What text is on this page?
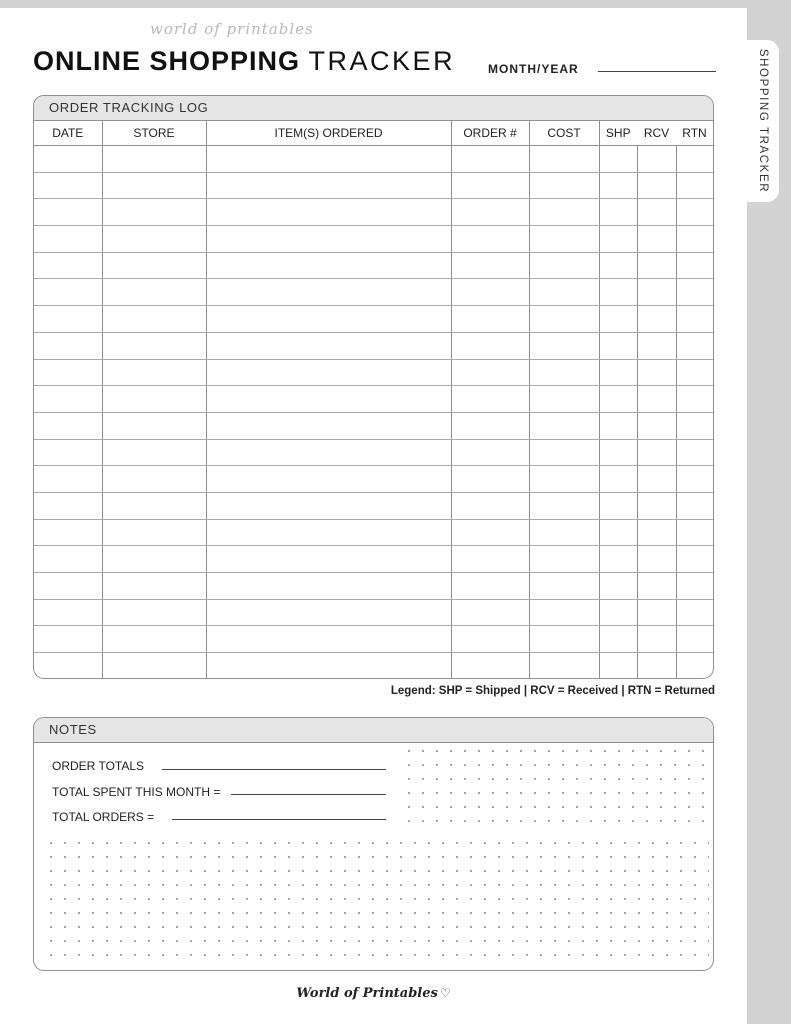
SHOPPING TRACKER
world of printables
ONLINE SHOPPING TRACKER	MONTH/YEAR
ORDER TRACKING LOG
DATE	STORE	ITEM(S) ORDERED	ORDER #	COST	SHP	RCV	RTN

Legend: SHP = Shipped | RCV = Received | RTN = Returned
NOTES
ORDER TOTALS
TOTAL SPENT THIS MONTH =
TOTAL ORDERS =
World of Printables ♡
